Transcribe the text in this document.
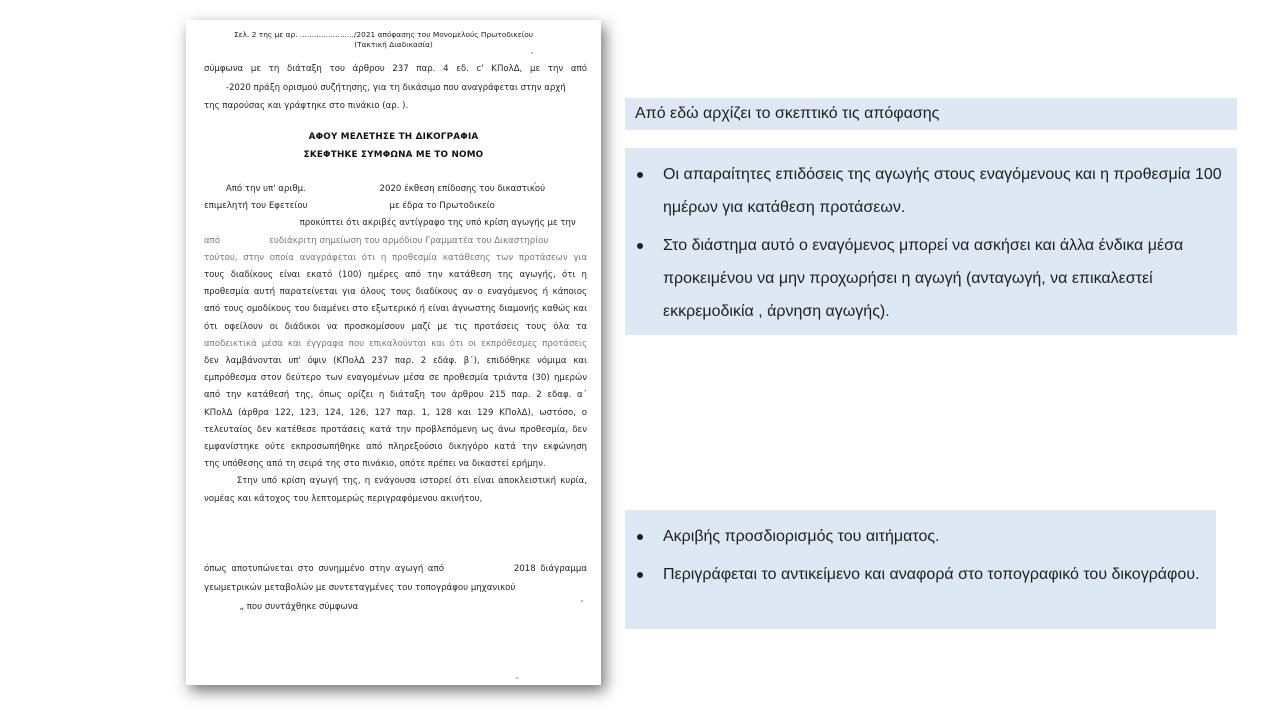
Σελ. 2 της με αρ. ......................./2021 απόφασης του Μονομελούς Πρωτοδικείου
(Τακτική Διαδικασία)
σύμφωνα με τη διάταξη του άρθρου 237 παρ. 4 εδ. c' ΚΠολΔ, με την από
-2020 πράξη ορισμού συζήτησης, για τη δικάσιμο που αναγράφεται στην αρχή
της παρούσας και γράφτηκε στο πινάκιο (αρ. ).
ΑΦΟΥ ΜΕΛΕΤΗΣΕ ΤΗ ΔΙΚΟΓΡΑΦΙΑ
ΣΚΕΦΤΗΚΕ ΣΥΜΦΩΝΑ ΜΕ ΤΟ ΝΟΜΟ
Από την υπ' αριθμ.                           2020 έκθεση επίδοσης του δικαστικού
επιμελητή του Εφετείου                              με έδρα το Πρωτοδικείο
προκύπτει ότι ακριβές αντίγραφο της υπό κρίση αγωγής με την
από                  ευδιάκριτη σημείωση του αρμόδιου Γραμματέα του Δικαστηρίου
τούτου, στην οποία αναγράφεται ότι η προθεσμία κατάθεσης των προτάσεων για
τους διαδίκους είναι εκατό (100) ημέρες από την κατάθεση της αγωγής, ότι η
προθεσμία αυτή παρατείνεται για όλους τους διαδίκους αν ο εναγόμενος ή κάποιος
από τους ομοδίκους του διαμένει στο εξωτερικό ή είναι άγνωστης διαμονής καθώς και
ότι οφείλουν οι διάδικοι να προσκομίσουν μαζί με τις προτάσεις τους όλα τα
αποδεικτικά μέσα και έγγραφα που επικαλούνται και ότι οι εκπρόθεσμες προτάσεις
δεν λαμβάνονται υπ' όψιν (ΚΠολΔ 237 παρ. 2 εδάφ. β΄), επιδόθηκε νόμιμα και
εμπρόθεσμα στον δεύτερο των εναγομένων μέσα σε προθεσμία τριάντα (30) ημερών
από την κατάθεσή της, όπως ορίζει η διάταξη του άρθρου 215 παρ. 2 εδαφ. α΄
ΚΠολΔ (άρθρα 122, 123, 124, 126, 127 παρ. 1, 128 και 129 ΚΠολΔ), ωστόσο, ο
τελευταίος δεν κατέθεσε προτάσεις κατά την προβλεπόμενη ως άνω προθεσμία, δεν
εμφανίστηκε ούτε εκπροσωπήθηκε από πληρεξούσιο δικηγόρο κατά την εκφώνηση
της υπόθεσης από τη σειρά της στο πινάκιο, οπότε πρέπει να δικαστεί ερήμην.
Στην υπό κρίση αγωγή της, η ενάγουσα ιστορεί ότι είναι αποκλειστική κυρία,
νομέας και κάτοχος του λεπτομερώς περιγραφόμενου ακινήτου,
όπως αποτυπώνεται στο συνημμένο στην αγωγή από               2018 διάγραμμα
γεωμετρικών μεταβολών με συντεταγμένες του τοπογράφου μηχανικού
„ που συντάχθηκε σύμφωνα
Από εδώ αρχίζει το σκεπτικό τις απόφασης
Οι απαραίτητες επιδόσεις της αγωγής στους εναγόμενους και η προθεσμία 100 ημέρων για κατάθεση προτάσεων.
Στο διάστημα αυτό ο εναγόμενος μπορεί να ασκήσει και άλλα ένδικα μέσα προκειμένου να μην προχωρήσει η αγωγή (ανταγωγή, να επικαλεστεί εκκρεμοδικία , άρνηση αγωγής).
Ακριβής προσδιορισμός του αιτήματος.
Περιγράφεται το αντικείμενο και αναφορά στο τοπογραφικό του δικογράφου.
